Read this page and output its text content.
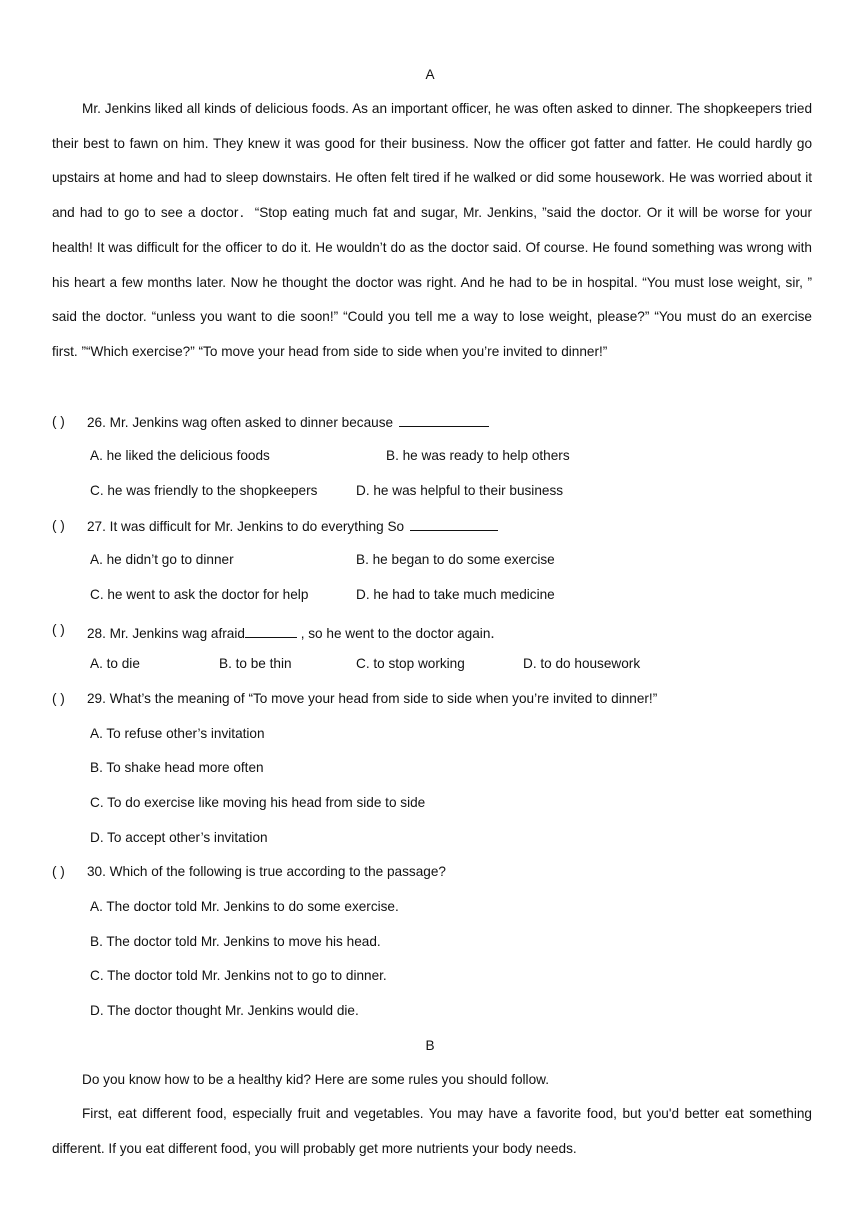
A

Mr. Jenkins liked all kinds of delicious foods. As an important officer, he was often asked to dinner. The shopkeepers tried their best to fawn on him. They knew it was good for their business. Now the officer got fatter and fatter. He could hardly go upstairs at home and had to sleep downstairs. He often felt tired if he walked or did some housework. He was worried about it and had to go to see a doctor．“Stop eating much fat and sugar, Mr. Jenkins, ”said the doctor. Or it will be worse for your health! It was difficult for the officer to do it. He wouldn’t do as the doctor said. Of course. He found something was wrong with his heart a few months later. Now he thought the doctor was right. And he had to be in hospital. “You must lose weight, sir, ” said the doctor. “unless you want to die soon!” “Could you tell me a way to lose weight, please?” “You must do an exercise first. ”“Which exercise?” “To move your head from side to side when you’re invited to dinner!”

( ) 26. Mr. Jenkins wag often asked to dinner because
A. he liked the delicious foods	B. he was ready to help others
C. he was friendly to the shopkeepers	D. he was helpful to their business
( ) 27. It was difficult for Mr. Jenkins to do everything So
A. he didn’t go to dinner	B. he began to do some exercise
C. he went to ask the doctor for help	D. he had to take much medicine
( ) 28. Mr. Jenkins wag afraid	, so he went to the doctor again．
A. to die	B. to be thin	C. to stop working	D. to do housework
( ) 29. What’s the meaning of “To move your head from side to side when you’re invited to dinner!”
A. To refuse other’s invitation
B. To shake head more often
C. To do exercise like moving his head from side to side
D. To accept other’s invitation
( ) 30. Which of the following is true according to the passage?
A. The doctor told Mr. Jenkins to do some exercise.
B. The doctor told Mr. Jenkins to move his head.
C. The doctor told Mr. Jenkins not to go to dinner.
D. The doctor thought Mr. Jenkins would die.
B
Do you know how to be a healthy kid? Here are some rules you should follow.

First, eat different food, especially fruit and vegetables. You may have a favorite food, but you'd better eat something different. If you eat different food, you will probably get more nutrients your body needs.
